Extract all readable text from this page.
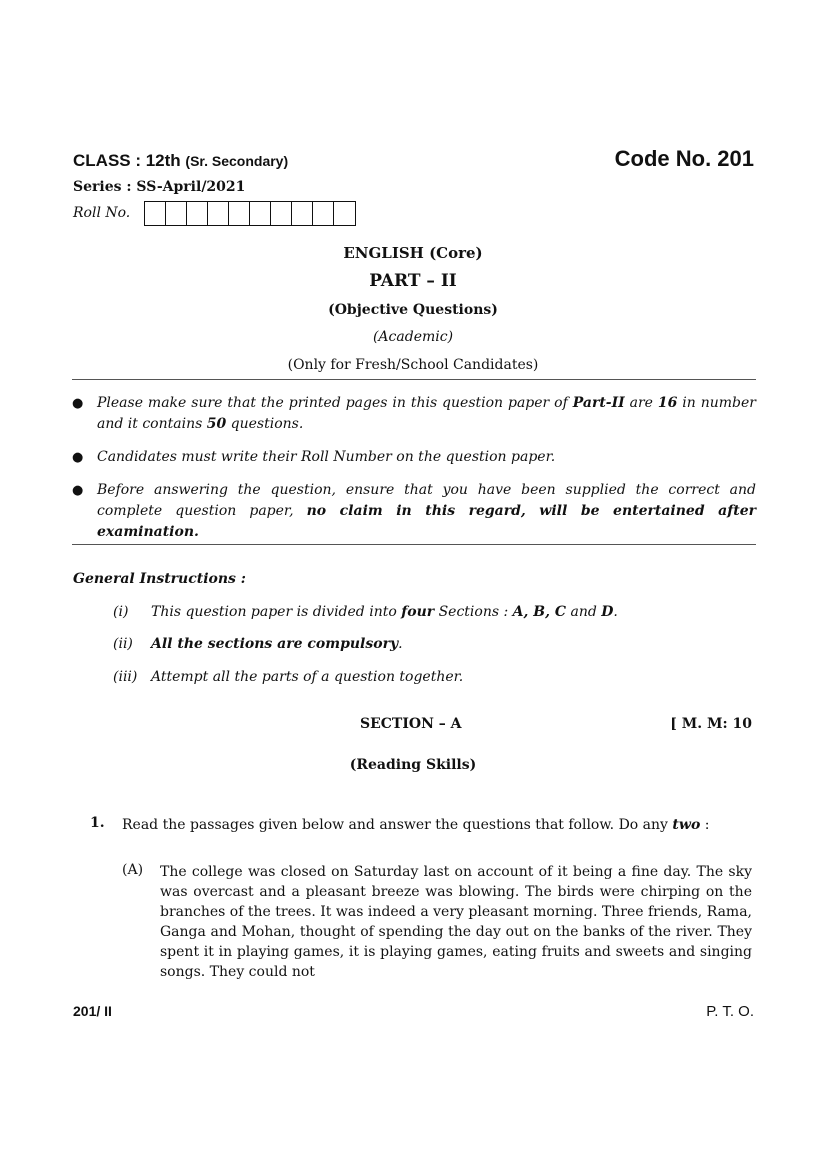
CLASS : 12th (Sr. Secondary)	Code No. 201
Series : SS-April/2021
Roll No.
ENGLISH (Core)
PART – II
(Objective Questions)
(Academic)
(Only for Fresh/School Candidates)
● Please make sure that the printed pages in this question paper of Part-II are 16 in number and it contains 50 questions.
● Candidates must write their Roll Number on the question paper.
● Before answering the question, ensure that you have been supplied the correct and complete question paper, no claim in this regard, will be entertained after examination.
General Instructions :
(i)	This question paper is divided into four Sections : A, B, C and D.
(ii)	All the sections are compulsory.
(iii) Attempt all the parts of a question together.
SECTION – A	[ M. M: 10
(Reading Skills)
1. Read the passages given below and answer the questions that follow. Do any two :
(A) The college was closed on Saturday last on account of it being a fine day. The sky was overcast and a pleasant breeze was blowing. The birds were chirping on the branches of the trees. It was indeed a very pleasant morning. Three friends, Rama, Ganga and Mohan, thought of spending the day out on the banks of the river. They spent it in playing games, it is playing games, eating fruits and sweets and singing songs. They could not
201/ II	P. T. O.
